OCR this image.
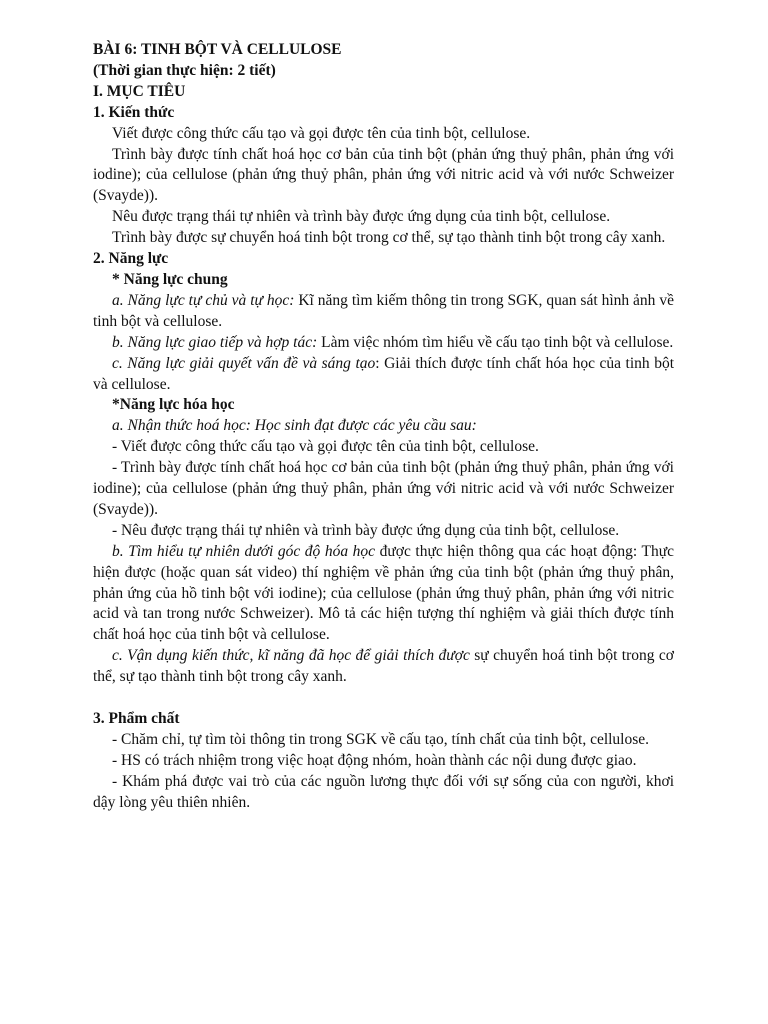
BÀI 6: TINH BỘT VÀ CELLULOSE

(Thời gian thực hiện: 2 tiết)

I. MỤC TIÊU

1. Kiến thức

Viết được công thức cấu tạo và gọi được tên của tinh bột, cellulose.

Trình bày được tính chất hoá học cơ bản của tinh bột (phản ứng thuỷ phân, phản ứng với iodine); của cellulose (phản ứng thuỷ phân, phản ứng với nitric acid và với nước Schweizer (Svayde)).

Nêu được trạng thái tự nhiên và trình bày được ứng dụng của tinh bột, cellulose.

Trình bày được sự chuyển hoá tinh bột trong cơ thể, sự tạo thành tinh bột trong cây xanh.

2. Năng lực

* Năng lực chung

a. Năng lực tự chủ và tự học: Kĩ năng tìm kiếm thông tin trong SGK, quan sát hình ảnh về tinh bột và cellulose.

b. Năng lực giao tiếp và hợp tác: Làm việc nhóm tìm hiểu về cấu tạo tinh bột và cellulose.

c. Năng lực giải quyết vấn đề và sáng tạo: Giải thích được tính chất hóa học của tinh bột và cellulose.

*Năng lực hóa học

a. Nhận thức hoá học: Học sinh đạt được các yêu cầu sau:

- Viết được công thức cấu tạo và gọi được tên của tinh bột, cellulose.

- Trình bày được tính chất hoá học cơ bản của tinh bột (phản ứng thuỷ phân, phản ứng với iodine); của cellulose (phản ứng thuỷ phân, phản ứng với nitric acid và với nước Schweizer (Svayde)).

- Nêu được trạng thái tự nhiên và trình bày được ứng dụng của tinh bột, cellulose.

b. Tìm hiểu tự nhiên dưới góc độ hóa học được thực hiện thông qua các hoạt động: Thực hiện được (hoặc quan sát video) thí nghiệm về phản ứng của tinh bột (phản ứng thuỷ phân, phản ứng của hồ tinh bột với iodine); của cellulose (phản ứng thuỷ phân, phản ứng với nitric acid và tan trong nước Schweizer). Mô tả các hiện tượng thí nghiệm và giải thích được tính chất hoá học của tinh bột và cellulose.

c. Vận dụng kiến thức, kĩ năng đã học để giải thích được sự chuyển hoá tinh bột trong cơ thể, sự tạo thành tinh bột trong cây xanh.

3. Phẩm chất

- Chăm chỉ, tự tìm tòi thông tin trong SGK về cấu tạo, tính chất của tinh bột, cellulose.

- HS có trách nhiệm trong việc hoạt động nhóm, hoàn thành các nội dung được giao.

- Khám phá được vai trò của các nguồn lương thực đối với sự sống của con người, khơi dậy lòng yêu thiên nhiên.
